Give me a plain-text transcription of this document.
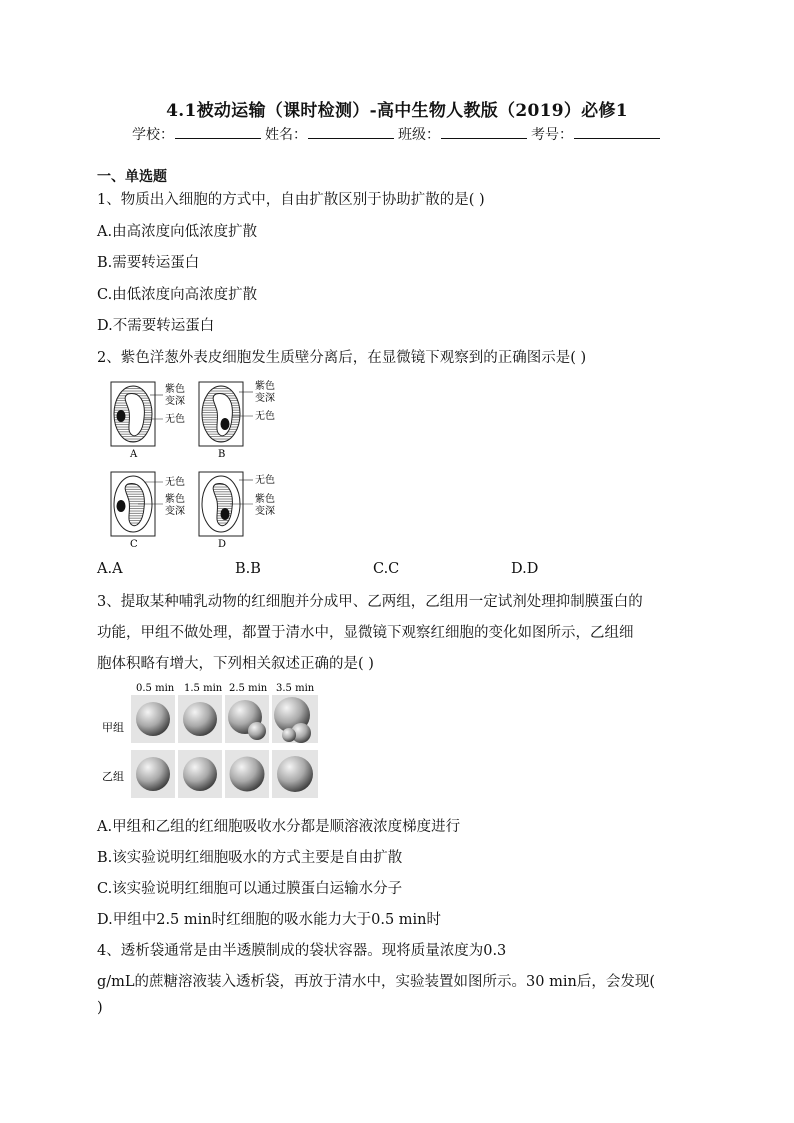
4.1被动运输（课时检测）-高中生物人教版（2019）必修1
学校：	姓名：	班级：	考号：
一、单选题
1、物质出入细胞的方式中，自由扩散区别于协助扩散的是( )
A.由高浓度向低浓度扩散
B.需要转运蛋白
C.由低浓度向高浓度扩散
D.不需要转运蛋白
2、紫色洋葱外表皮细胞发生质壁分离后，在显微镜下观察到的正确图示是( )
紫色
变深
无色
A
紫色
变深
无色
B
无色
紫色
变深
C
无色
紫色
变深
D
A.A	B.B	C.C	D.D
3、提取某种哺乳动物的红细胞并分成甲、乙两组，乙组用一定试剂处理抑制膜蛋白的
功能，甲组不做处理，都置于清水中，显微镜下观察红细胞的变化如图所示，乙组细
胞体积略有增大，下列相关叙述正确的是( )
0.5 min 1.5 min 2.5 min 3.5 min
甲组
乙组
A.甲组和乙组的红细胞吸收水分都是顺溶液浓度梯度进行
B.该实验说明红细胞吸水的方式主要是自由扩散
C.该实验说明红细胞可以通过膜蛋白运输水分子
D.甲组中2.5 min时红细胞的吸水能力大于0.5 min时
4、透析袋通常是由半透膜制成的袋状容器。现将质量浓度为0.3
g/mL的蔗糖溶液装入透析袋，再放于清水中，实验装置如图所示。30 min后，会发现(
)
